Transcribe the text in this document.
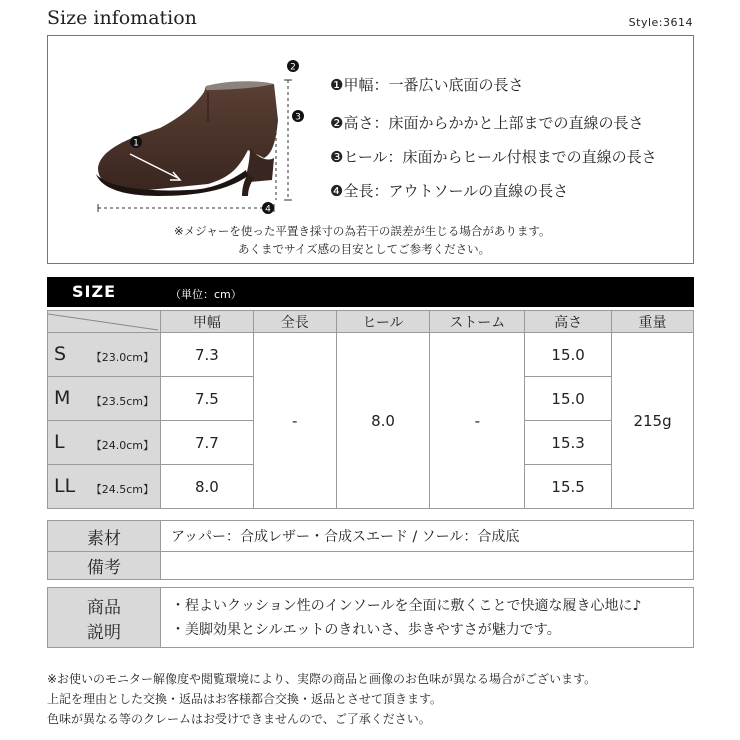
Size infomation	Style:3614
1
2
3
4
❶甲幅：一番広い底面の長さ
❷高さ：床面からかかと上部までの直線の長さ
❸ヒール：床面からヒール付根までの直線の長さ
❹全長：アウトソールの直線の長さ
※メジャーを使った平置き採寸の為若干の誤差が生じる場合があります。
あくまでサイズ感の目安としてご参考ください。
SIZE	（単位：cm）
	甲幅	全長	ヒール	ストーム	高さ	重量

S 【23.0cm】	7.3	-	8.0	-	15.0	215g

M 【23.5cm】	7.5				15.0	

L 【24.0cm】	7.7				15.3	

LL 【24.5cm】	8.0				15.5	
素材	アッパー：合成レザー・合成スエード / ソール：合成底
備考	
商品
説明

・程よいクッション性のインソールを全面に敷くことで快適な履き心地に♪
・美脚効果とシルエットのきれいさ、歩きやすさが魅力です。
※お使いのモニター解像度や閲覧環境により、実際の商品と画像のお色味が異なる場合がございます。
上記を理由とした交換・返品はお客様都合交換・返品とさせて頂きます。
色味が異なる等のクレームはお受けできませんので、ご了承ください。
